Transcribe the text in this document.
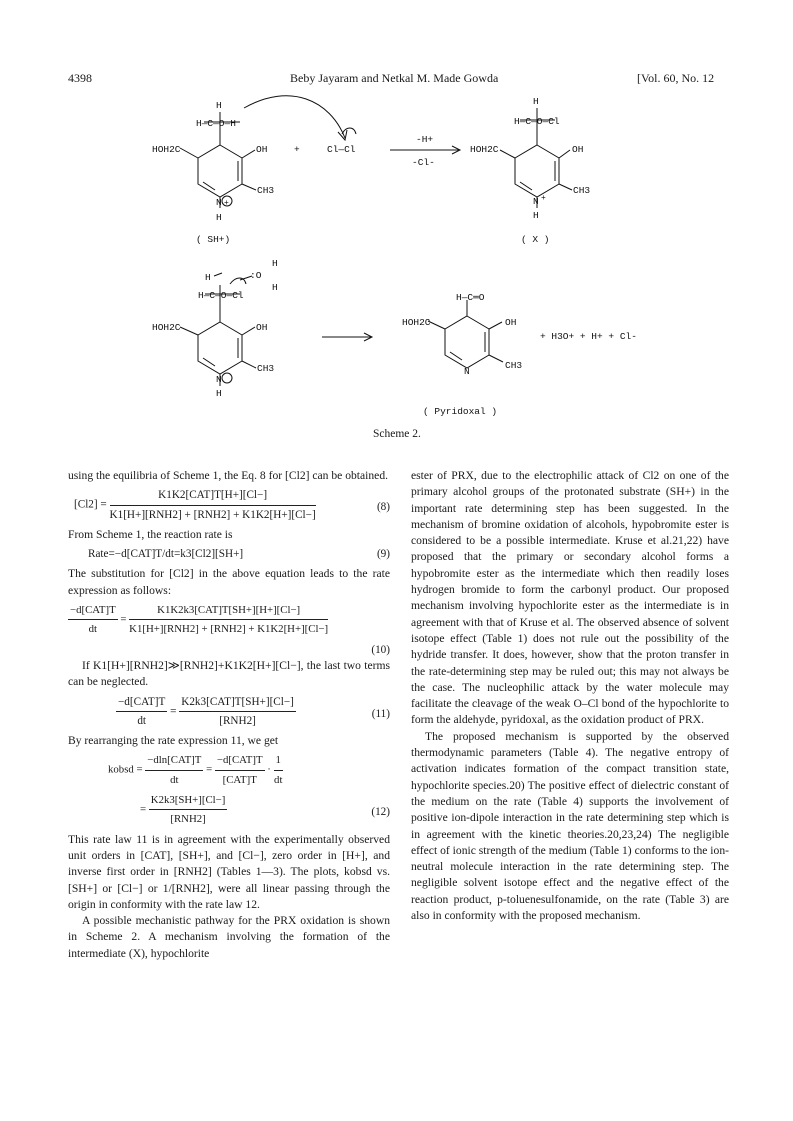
4398	Beby Jayaram and Netkal M. Made Gowda	[Vol. 60, No. 12
H
H—C—O—H
HOH2C	OH
CH3
N +
H
+	Cl—Cl
-H+
-Cl-
H
H—C—O—Cl
HOH2C	OH
CH3
N +
H
( SH+)	( X )
H
:O
H
H
H—C—O—Cl
HOH2C	OH
CH3
N
H
H—C═O
HOH2C	OH
CH3
N
+ H3O+ + H+ + Cl-
( Pyridoxal )
Scheme 2.

using the equilibria of Scheme 1, the Eq. 8 for [Cl2] can be obtained.

$[Cl2] = \frac{\text{K1K2[CAT]T[H+][Cl−]}}{\text{K1[H+][RNH2] + [RNH2] + K1K2[H+][Cl−]}}$	(8)

From Scheme 1, the reaction rate is

Rate=−d[CAT]T/dt=k3[Cl2][SH+]	(9)

The substitution for [Cl2] in the above equation leads to the rate expression as follows:

$\frac{\text{−d[CAT]T}}{dt} = \frac{\text{K1K2k3[CAT]T[SH+][H+][Cl−]}}{\text{K1[H+][RNH2] + [RNH2] + K1K2[H+][Cl−]}}$
(10)

If K1[H+][RNH2]≫[RNH2]+K1K2[H+][Cl−], the last two terms can be neglected.

$\frac{\text{−d[CAT]T}}{dt} = \frac{\text{K2k3[CAT]T[SH+][Cl−]}}{\text{[RNH2]}}$	(11)

By rearranging the rate expression 11, we get

kobsd = $\frac{\text{−dln[CAT]T}}{dt} = \frac{\text{−d[CAT]T}}{\text{[CAT]T}} \cdot \frac{1}{dt}$
= $\frac{K2k3[SH+][Cl-]}{\text{[RNH2]}}$	(12)

This rate law 11 is in agreement with the experimentally observed unit orders in [CAT], [SH+], and [Cl−], zero order in [H+], and inverse first order in [RNH2] (Tables 1—3). The plots, kobsd vs. [SH+] or [Cl−] or 1/[RNH2], were all linear passing through the origin in conformity with the rate law 12.

A possible mechanistic pathway for the PRX oxidation is shown in Scheme 2. A mechanism involving the formation of the intermediate (X), hypochlorite

ester of PRX, due to the electrophilic attack of Cl2 on one of the primary alcohol groups of the protonated substrate (SH+) in the important rate determining step has been suggested. In the mechanism of bromine oxidation of alcohols, hypobromite ester is considered to be a possible intermediate. Kruse et al.21,22) have proposed that the primary or secondary alcohol forms a hypobromite ester as the intermediate which then readily loses hydrogen bromide to form the carbonyl product. Our proposed mechanism involving hypochlorite ester as the intermediate is in agreement with that of Kruse et al. The observed absence of solvent isotope effect (Table 1) does not rule out the possibility of the hydride transfer. It does, however, show that the proton transfer in the rate-determining step may be ruled out; this may not always be the case. The nucleophilic attack by the water molecule may facilitate the cleavage of the weak O–Cl bond of the hypochlorite to form the aldehyde, pyridoxal, as the oxidation product of PRX.

The proposed mechanism is supported by the observed thermodynamic parameters (Table 4). The negative entropy of activation indicates formation of the compact transition state, hypochlorite species.20) The positive effect of dielectric constant of the medium on the rate (Table 4) supports the involvement of positive ion-dipole interaction in the rate determining step which is in agreement with the kinetic theories.20,23,24) The negligible effect of ionic strength of the medium (Table 1) conforms to the ion-neutral molecule interaction in the rate determining step. The negligible solvent isotope effect and the negative effect of the reaction product, p-toluenesulfonamide, on the rate (Table 3) are also in conformity with the proposed mechanism.
